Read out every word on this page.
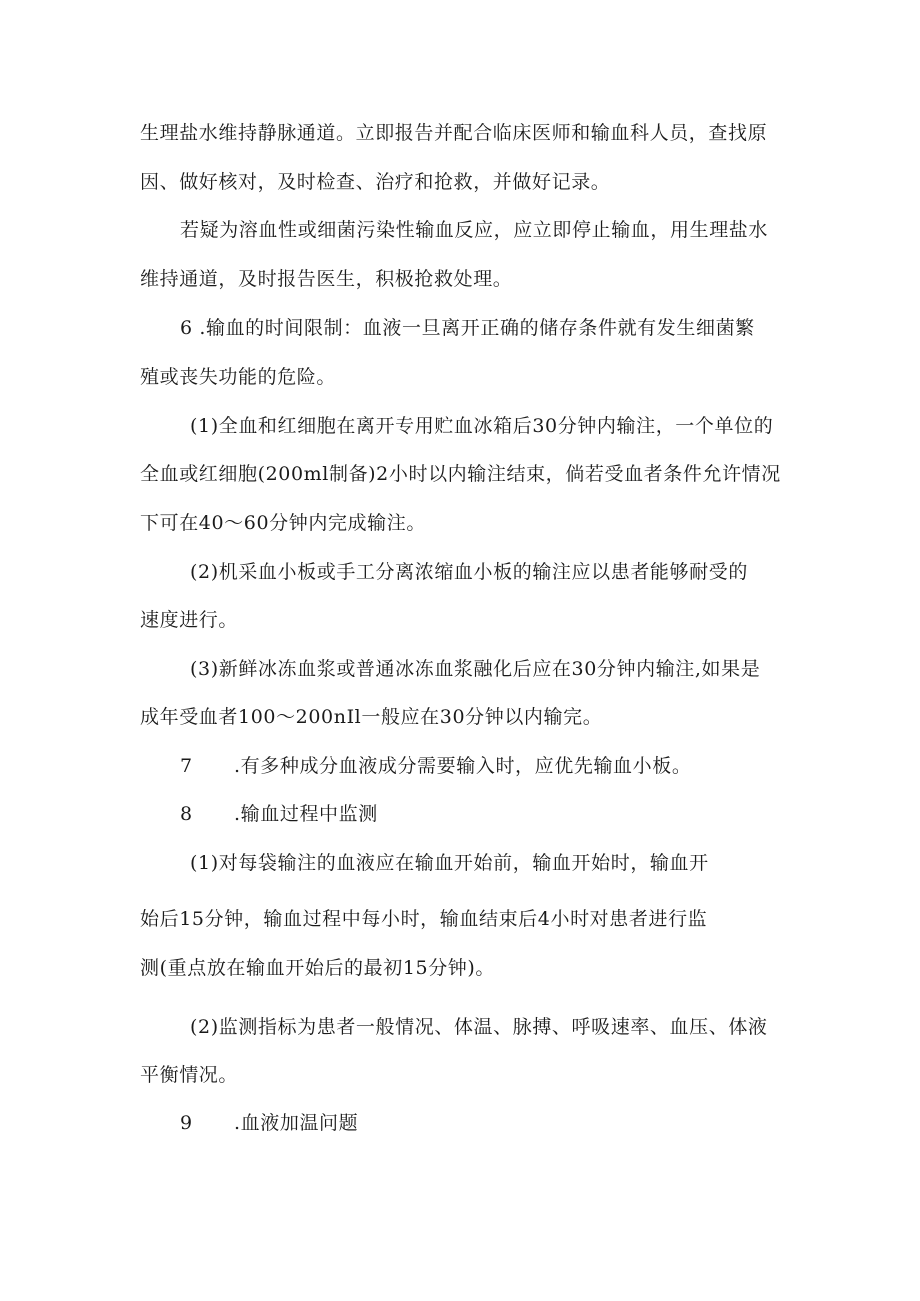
生理盐水维持静脉通道。立即报告并配合临床医师和输血科人员，查找原
因、做好核对，及时检查、治疗和抢救，并做好记录。
若疑为溶血性或细菌污染性输血反应，应立即停止输血，用生理盐水
维持通道，及时报告医生，积极抢救处理。
6 .输血的时间限制：血液一旦离开正确的储存条件就有发生细菌繁
殖或丧失功能的危险。
(1)全血和红细胞在离开专用贮血冰箱后30分钟内输注，一个单位的
全血或红细胞(200ml制备)2小时以内输注结束，倘若受血者条件允许情况
下可在40～60分钟内完成输注。
(2)机采血小板或手工分离浓缩血小板的输注应以患者能够耐受的
速度进行。
(3)新鲜冰冻血浆或普通冰冻血浆融化后应在30分钟内输注,如果是
成年受血者100～200nIl一般应在30分钟以内输完。
7 .有多种成分血液成分需要输入时，应优先输血小板。
8 .输血过程中监测
(1)对每袋输注的血液应在输血开始前，输血开始时，输血开
始后15分钟，输血过程中每小时，输血结束后4小时对患者进行监
测(重点放在输血开始后的最初15分钟)。
(2)监测指标为患者一般情况、体温、脉搏、呼吸速率、血压、体液
平衡情况。
9 .血液加温问题
